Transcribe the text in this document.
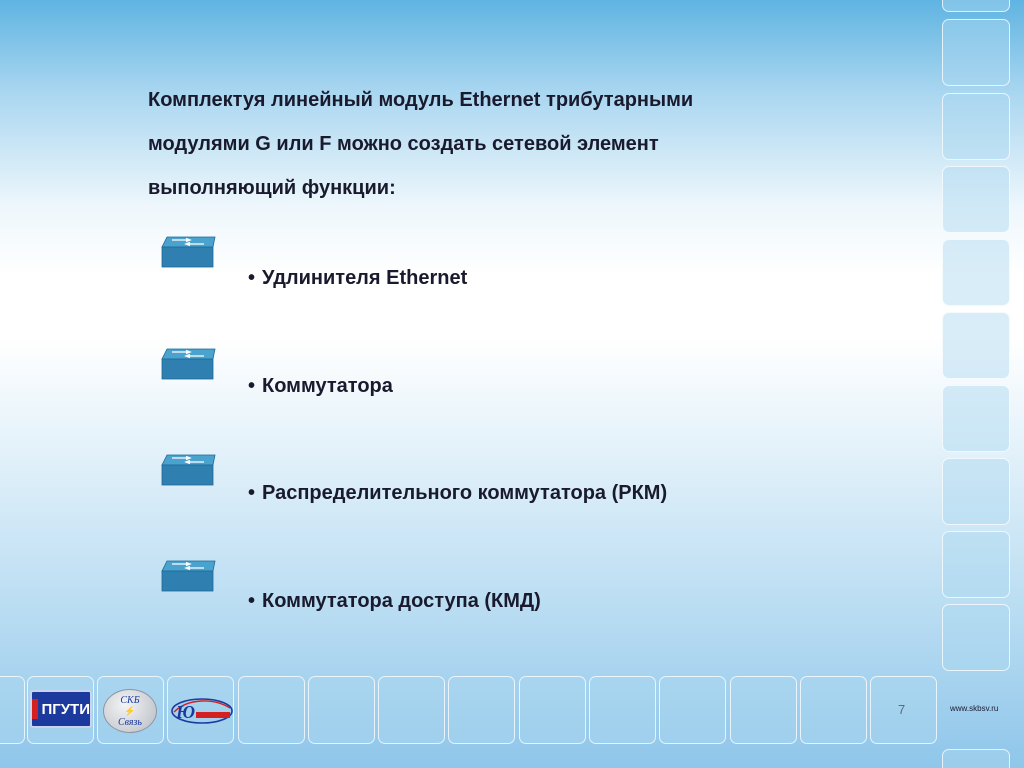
Комплектуя линейный модуль Ethernet трибутарными
модулями G или F можно создать сетевой элемент
выполняющий функции:

• Удлинителя Ethernet
• Коммутатора
• Распределительного коммутатора (РКМ)
• Коммутатора доступа (КМД)
ПГУТИ
СКБ
⚡
Связь Ю	7	www.skbsv.ru
